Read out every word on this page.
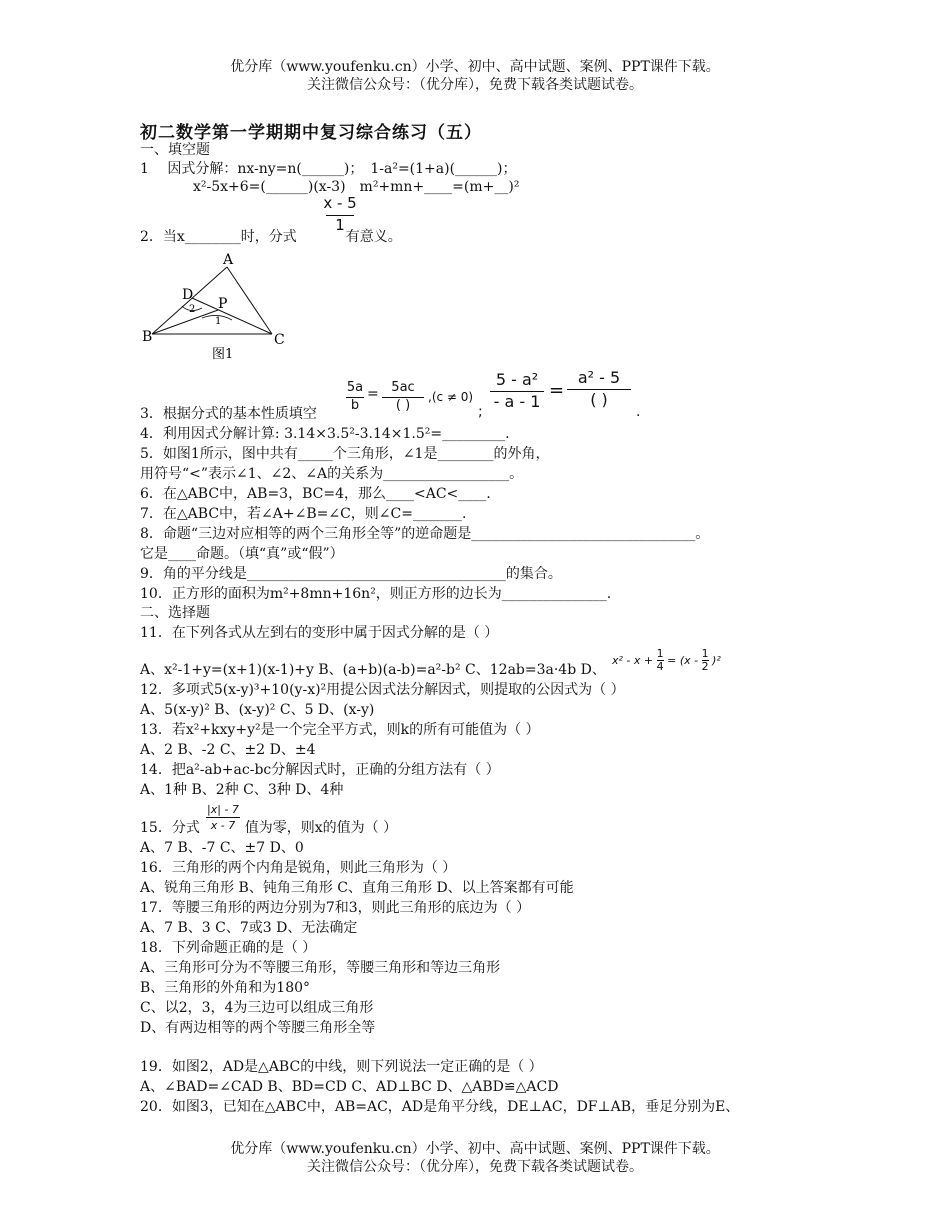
优分库（www.youfenku.cn）小学、初中、高中试题、案例、PPT课件下载。
关注微信公众号：（优分库），免费下载各类试题试卷。
初二数学第一学期期中复习综合练习（五）
一、填空题
1　 因式分解：nx-ny=n(______)；　1-a²=(1+a)(______)；
x²-5x+6=(______)(x-3)　m²+mn+____=(m+__)²
2．当x________时，分式	有意义。
x - 5
1
A
B	C
D
P
1
2
图1
3．根据分式的基本性质填空
5a
b
= 5ac
( )
,(c ≠ 0)
;
5 - a²
- a - 1
=
a² - 5
( )
.
4．利用因式分解计算: 3.14×3.5²-3.14×1.5²=_________.
5．如图1所示，图中共有_____个三角形，∠1是________的外角，
用符号“<”表示∠1、∠2、∠A的关系为__________________。
6．在△ABC中，AB=3，BC=4，那么____<AC<____.
7．在△ABC中，若∠A+∠B=∠C，则∠C=_______.
8．命题“三边对应相等的两个三角形全等”的逆命题是________________________________。
它是____命题。（填“真”或“假”）
9．角的平分线是_____________________________________的集合。
10．正方形的面积为m²+8mn+16n²，则正方形的边长为_______________.
二、选择题
11．在下列各式从左到右的变形中属于因式分解的是（ ）
A、x²-1+y=(x+1)(x-1)+y B、(a+b)(a-b)=a²-b² C、12ab=3a·4b D、
$x^2 - x + \frac{1}{4} = (x - \frac{1}{2} )^2$
12．多项式5(x-y)³+10(y-x)²用提公因式法分解因式，则提取的公因式为（ ）
A、5(x-y)² B、(x-y)² C、5 D、(x-y)
13．若x²+kxy+y²是一个完全平方式，则k的所有可能值为（ ）
A、2 B、-2 C、±2 D、±4
14．把a²-ab+ac-bc分解因式时，正确的分组方法有（ ）
A、1种 B、2种 C、3种 D、4种
15．分式	值为零，则x的值为（ ）
|x| - 7
x - 7
A、7 B、-7 C、±7 D、0
16．三角形的两个内角是锐角，则此三角形为（ ）
A、锐角三角形 B、钝角三角形 C、直角三角形 D、以上答案都有可能
17．等腰三角形的两边分别为7和3，则此三角形的底边为（ ）
A、7 B、3 C、7或3 D、无法确定
18．下列命题正确的是（ ）
A、三角形可分为不等腰三角形，等腰三角形和等边三角形
B、三角形的外角和为180°
C、以2，3，4为三边可以组成三角形
D、有两边相等的两个等腰三角形全等
19．如图2，AD是△ABC的中线，则下列说法一定正确的是（ ）
A、∠BAD=∠CAD B、BD=CD C、AD⊥BC D、△ABD≌△ACD
20．如图3，已知在△ABC中，AB=AC，AD是角平分线，DE⊥AC，DF⊥AB，垂足分别为E、
优分库（www.youfenku.cn）小学、初中、高中试题、案例、PPT课件下载。
关注微信公众号：（优分库），免费下载各类试题试卷。
